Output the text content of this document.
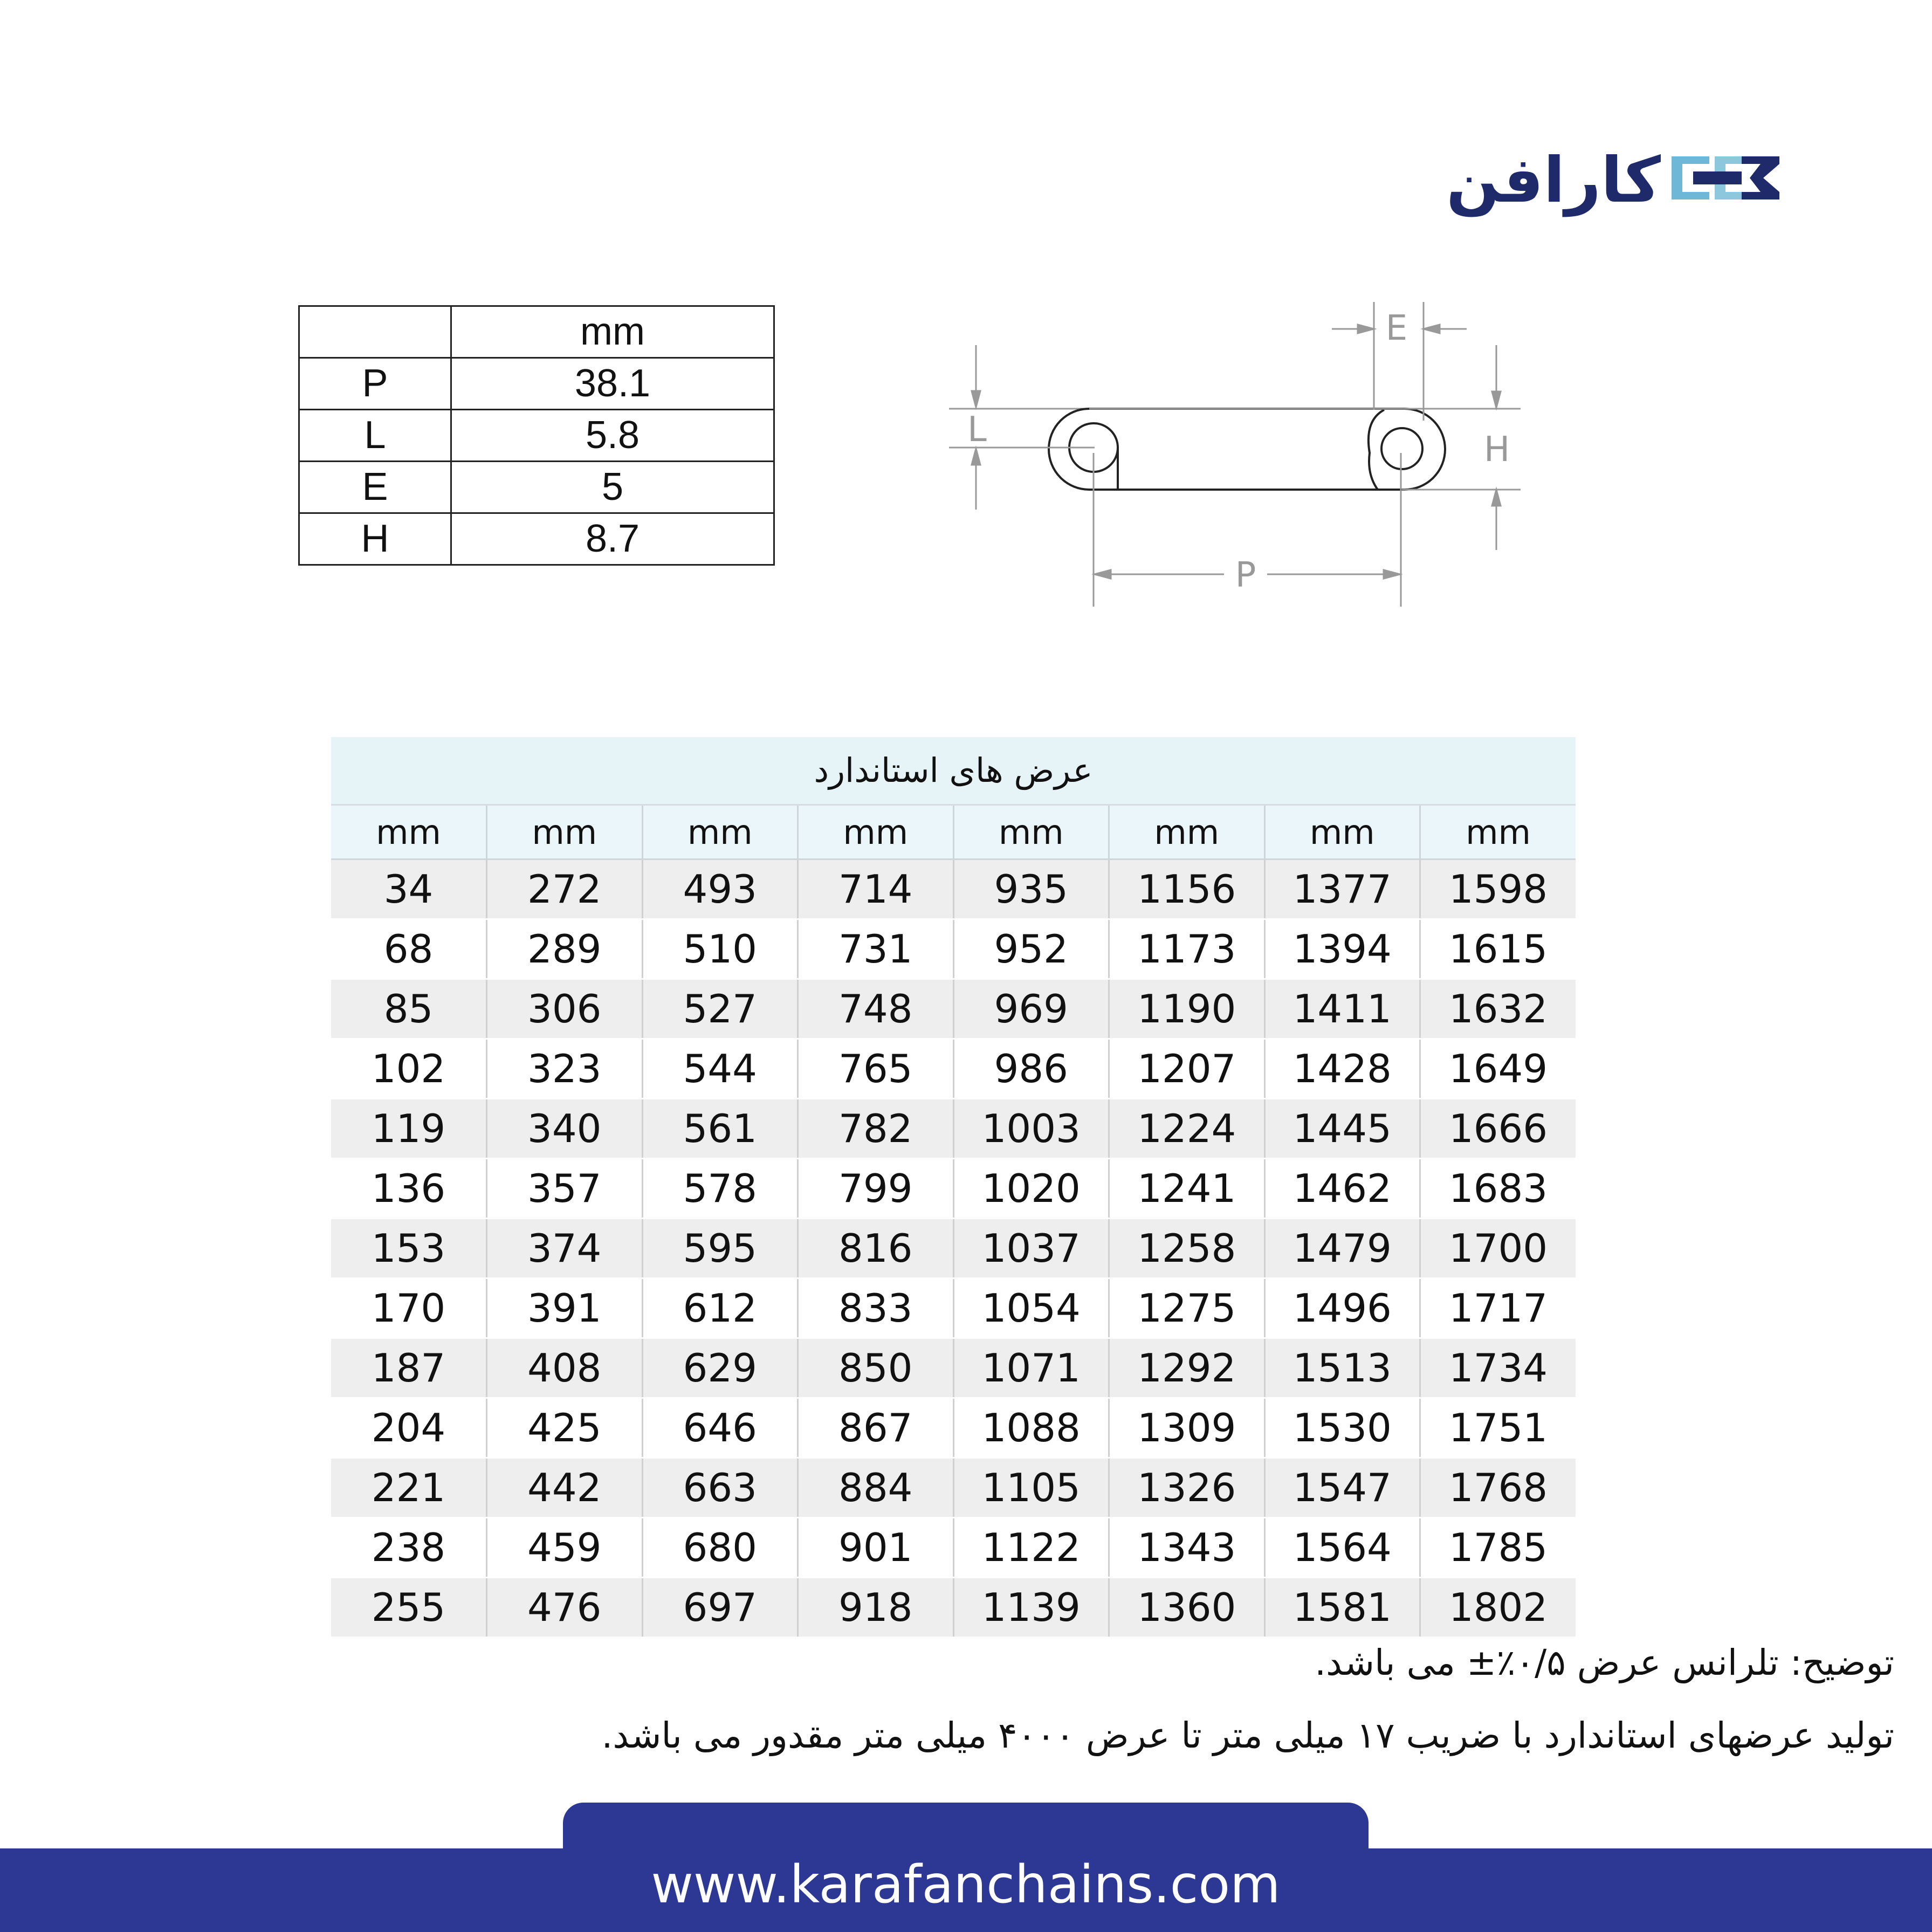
کارافن
	mm
P	38.1
L	5.8
E	5
H	8.7
E
L	H
P
عرض های استاندارد
mm	mm	mm	mm	mm	mm	mm	mm
34	272	493	714	935	1156	1377	1598
68	289	510	731	952	1173	1394	1615
85	306	527	748	969	1190	1411	1632
102	323	544	765	986	1207	1428	1649
119	340	561	782	1003	1224	1445	1666
136	357	578	799	1020	1241	1462	1683
153	374	595	816	1037	1258	1479	1700
170	391	612	833	1054	1275	1496	1717
187	408	629	850	1071	1292	1513	1734
204	425	646	867	1088	1309	1530	1751
221	442	663	884	1105	1326	1547	1768
238	459	680	901	1122	1343	1564	1785
255	476	697	918	1139	1360	1581	1802
توضیح: تلرانس عرض ۰/۵٪± می باشد.
تولید عرضهای استاندارد با ضریب ۱۷ میلی متر تا عرض ۴۰۰۰ میلی متر مقدور می باشد.
www.karafanchains.com
